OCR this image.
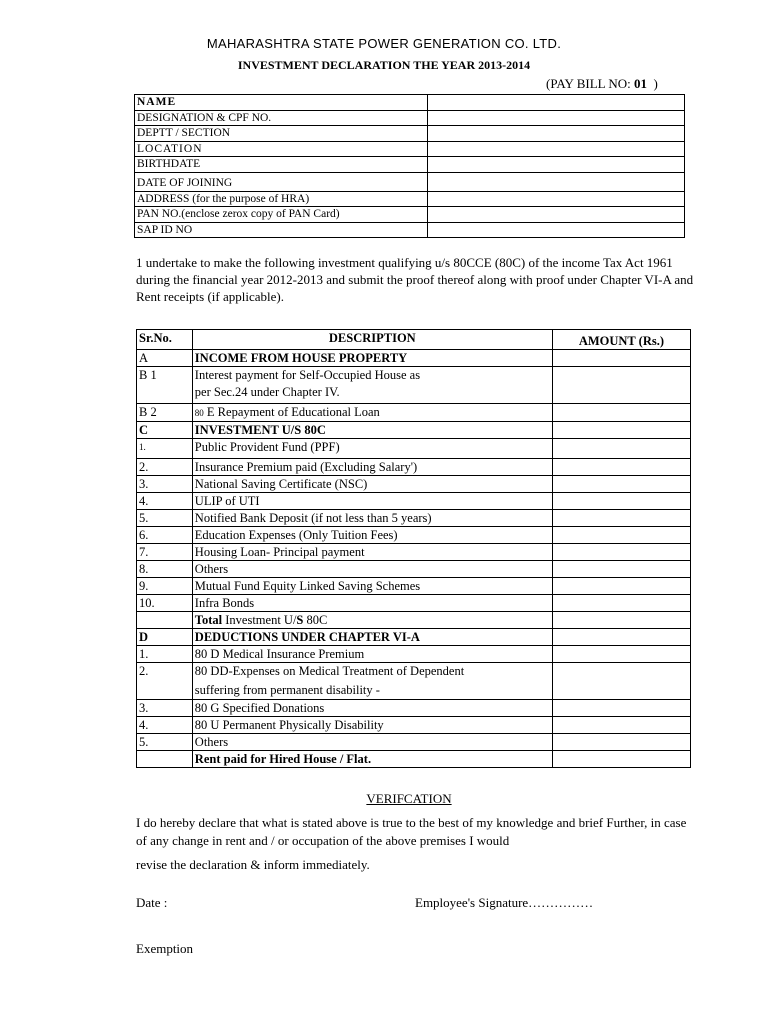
MAHARASHTRA STATE POWER GENERATION CO. LTD.
INVESTMENT DECLARATION THE YEAR 2013-2014
(PAY BILL NO: 01  )
NAME	
DESIGNATION & CPF NO.	
DEPTT / SECTION	
LOCATION	
BIRTHDATE	
DATE OF JOINING	
ADDRESS (for the purpose of HRA)	
PAN NO.(enclose zerox copy of PAN Card)	
SAP ID NO	
1 undertake to make the following investment qualifying u/s 80CCE (80C) of the income Tax Act 1961 during the financial year 2012-2013 and submit the proof thereof along with proof under Chapter VI-A and Rent receipts (if applicable).
Sr.No.	DESCRIPTION	AMOUNT (Rs.)
A	INCOME FROM HOUSE PROPERTY	
B 1	Interest payment for Self-Occupied House as
per Sec.24 under Chapter IV.	

B 2	80 E Repayment of Educational Loan	
C	INVESTMENT U/S 80C	
1.	Public Provident Fund (PPF)	
2.	Insurance Premium paid (Excluding Salary')	
3.	National Saving Certificate (NSC)	
4.	ULIP of UTI	
5.	Notified Bank Deposit (if not less than 5 years)	
6.	Education Expenses (Only Tuition Fees)	
7.	Housing Loan- Principal payment	
8.	Others	
9.	Mutual Fund Equity Linked Saving Schemes	
10.	Infra Bonds	
	Total Investment U/S 80C	
D	DEDUCTIONS UNDER CHAPTER VI-A	
1.	80 D Medical Insurance Premium	
2.	80 DD-Expenses on Medical Treatment of Dependent
suffering from permanent disability -	

3.	80 G Specified Donations	
4.	80 U Permanent Physically Disability	
5.	Others	
	Rent paid for Hired House / Flat.	
VERIFCATION
I do hereby declare that what is stated above is true to the best of my knowledge and brief Further, in case of any change in rent and / or occupation of the above premises I would
revise the declaration & inform immediately.
Date :	Employee's Signature……………
Exemption
